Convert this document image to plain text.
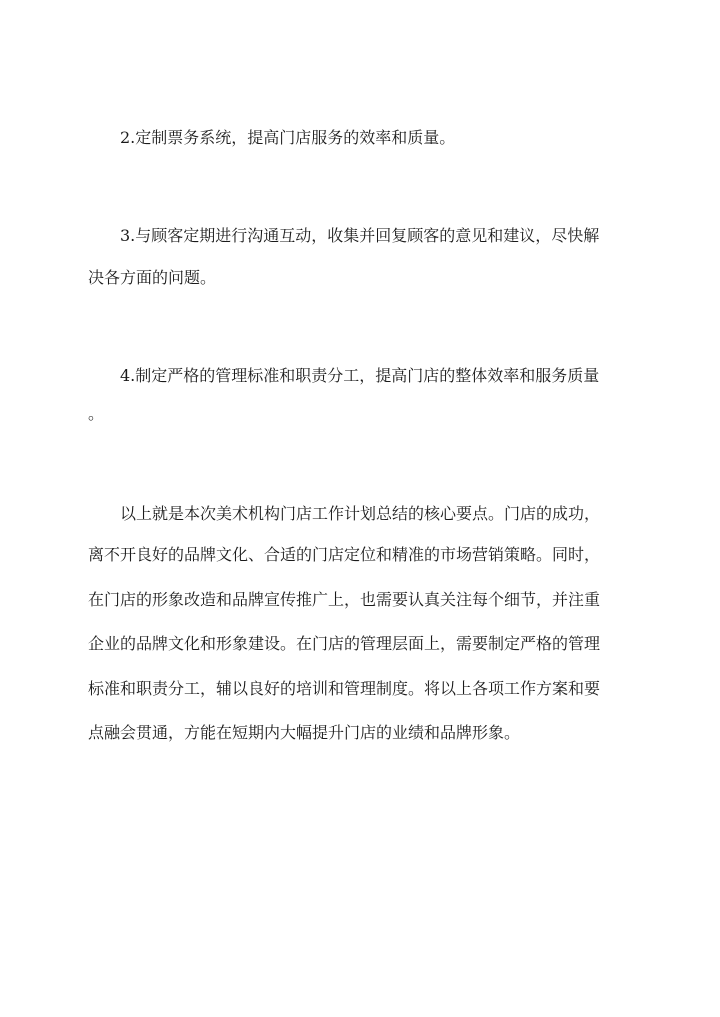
2.定制票务系统，提高门店服务的效率和质量。
3.与顾客定期进行沟通互动，收集并回复顾客的意见和建议，尽快解
决各方面的问题。
4.制定严格的管理标准和职责分工，提高门店的整体效率和服务质量
。
以上就是本次美术机构门店工作计划总结的核心要点。门店的成功，
离不开良好的品牌文化、合适的门店定位和精准的市场营销策略。同时，
在门店的形象改造和品牌宣传推广上，也需要认真关注每个细节，并注重
企业的品牌文化和形象建设。在门店的管理层面上，需要制定严格的管理
标准和职责分工，辅以良好的培训和管理制度。将以上各项工作方案和要
点融会贯通，方能在短期内大幅提升门店的业绩和品牌形象。
